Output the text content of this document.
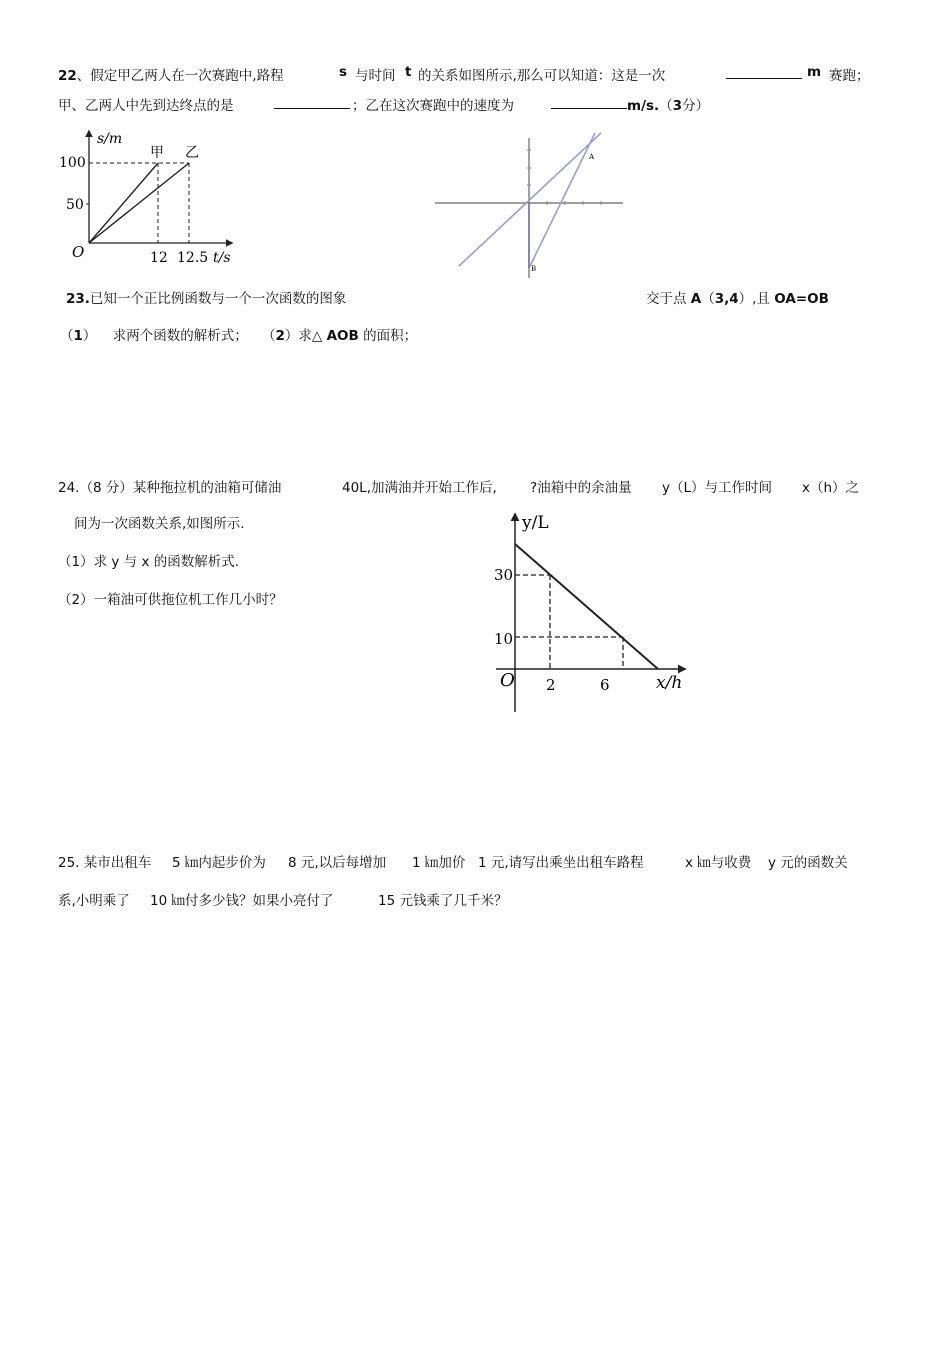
22、假定甲乙两人在一次赛跑中,路程	s 与时间 t 的关系如图所示,那么可以知道：这是一次	m 赛跑；
甲、乙两人中先到达终点的是	；乙在这次赛跑中的速度为	m/s.（3分）
s/m
t/s
100
50
O	12 12.5
甲 乙	A
B
23.已知一个正比例函数与一个一次函数的图象	交于点 A（3,4）,且 OA=OB
（1） 求两个函数的解析式； （2）求△ AOB 的面积；
24.（8 分）某种拖拉机的油箱可储油	40L,加满油并开始工作后, ?油箱中的余油量 y（L）与工作时间 x（h）之
间为一次函数关系,如图所示.
（1）求 y 与 x 的函数解析式.
（2）一箱油可供拖位机工作几小时？
y/L
x/h
30
10
O 2	6
25. 某市出租车 5 ㎞内起步价为 8 元,以后每增加 1 ㎞加价 1 元,请写出乘坐出租车路程	x ㎞与收费 y 元的函数关
系,小明乘了 10 ㎞付多少钱？如果小亮付了	15 元钱乘了几千米？
